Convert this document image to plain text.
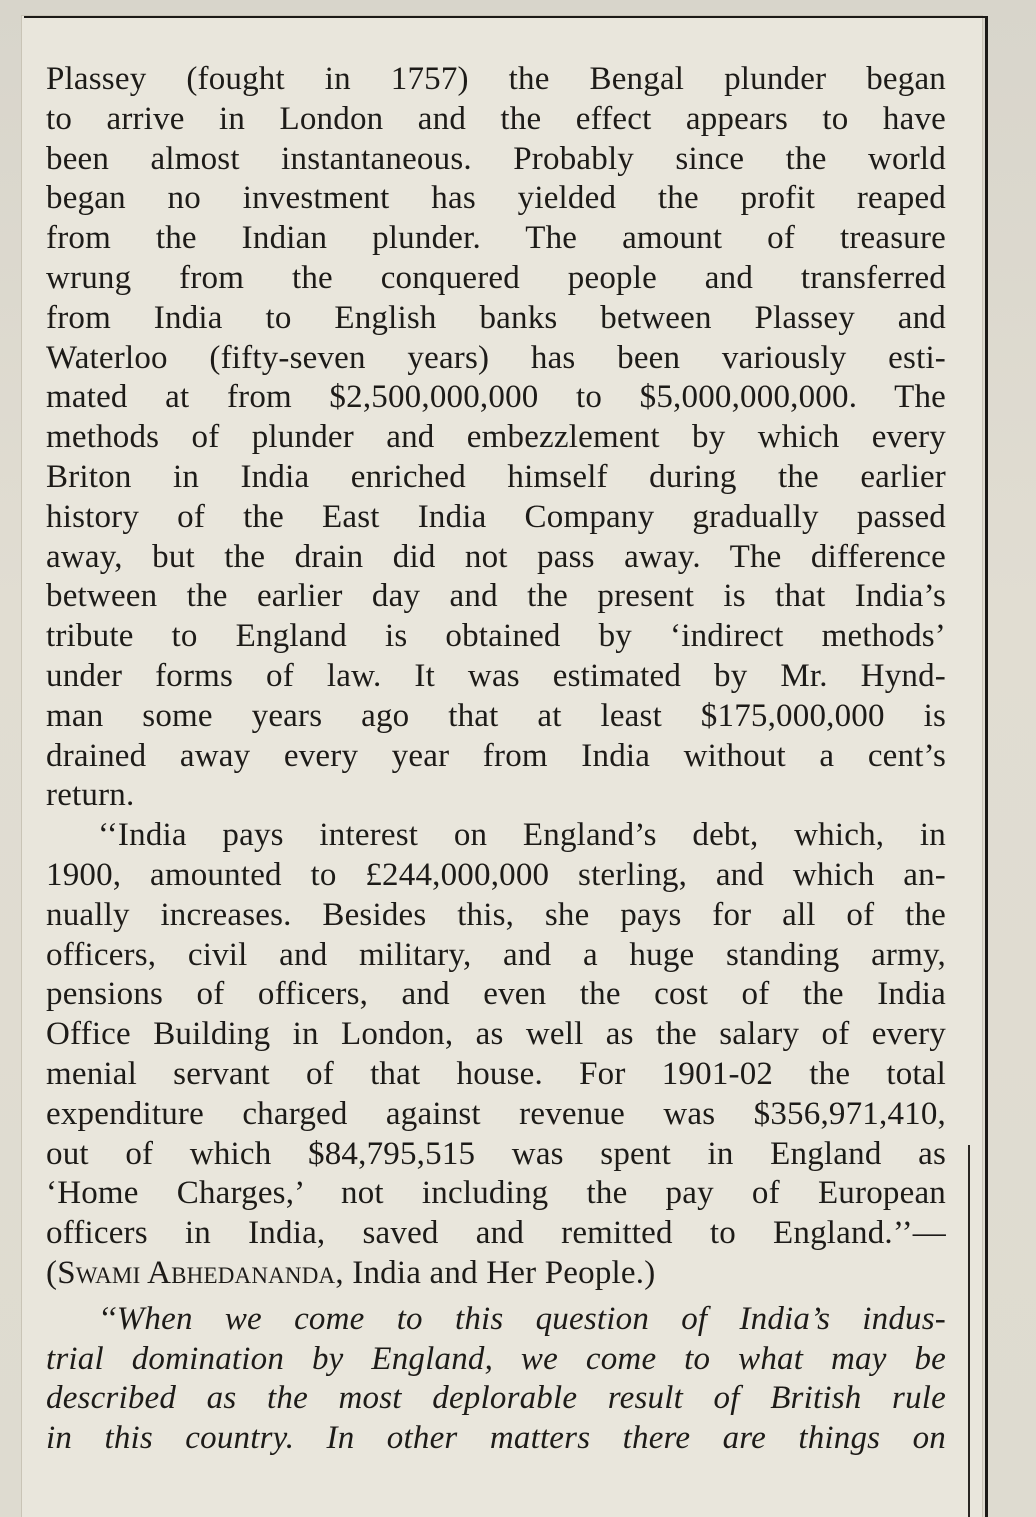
Plassey (fought in 1757) the Bengal plunder began
to arrive in London and the effect appears to have
been almost instantaneous. Probably since the world
began no investment has yielded the profit reaped
from the Indian plunder. The amount of treasure
wrung from the conquered people and transferred
from India to English banks between Plassey and
Waterloo (fifty-seven years) has been variously esti-
mated at from $2,500,000,000 to $5,000,000,000. The
methods of plunder and embezzlement by which every
Briton in India enriched himself during the earlier
history of the East India Company gradually passed
away, but the drain did not pass away. The difference
between the earlier day and the present is that India’s
tribute to England is obtained by ‘indirect methods’
under forms of law. It was estimated by Mr. Hynd-
man some years ago that at least $175,000,000 is
drained away every year from India without a cent’s
return.
‘‘India pays interest on England’s debt, which, in
1900, amounted to £244,000,000 sterling, and which an-
nually increases. Besides this, she pays for all of the
officers, civil and military, and a huge standing army,
pensions of officers, and even the cost of the India
Office Building in London, as well as the salary of every
menial servant of that house. For 1901-02 the total
expenditure charged against revenue was $356,971,410,
out of which $84,795,515 was spent in England as
‘Home Charges,’ not including the pay of European
officers in India, saved and remitted to England.’’—
(Swami Abhedananda, India and Her People.)
‘‘When we come to this question of India’s indus-
trial domination by England, we come to what may be
described as the most deplorable result of British rule
in this country. In other matters there are things on
